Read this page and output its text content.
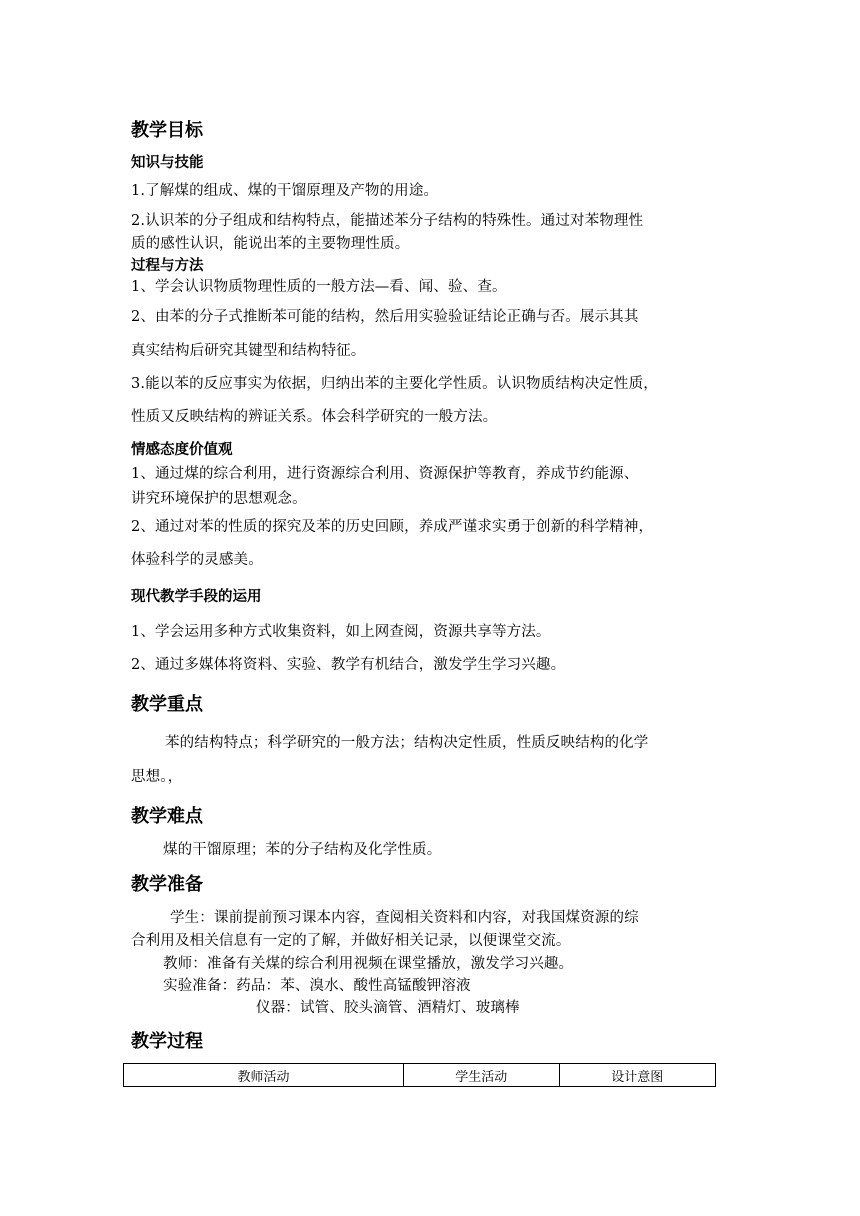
教学目标
知识与技能
1.了解煤的组成、煤的干馏原理及产物的用途。
2.认识苯的分子组成和结构特点，能描述苯分子结构的特殊性。通过对苯物理性
质的感性认识，能说出苯的主要物理性质。
过程与方法
1、学会认识物质物理性质的一般方法—看、闻、验、查。
2、由苯的分子式推断苯可能的结构，然后用实验验证结论正确与否。展示其其
真实结构后研究其键型和结构特征。
3.能以苯的反应事实为依据，归纳出苯的主要化学性质。认识物质结构决定性质，
性质又反映结构的辨证关系。体会科学研究的一般方法。
情感态度价值观
1、通过煤的综合利用，进行资源综合利用、资源保护等教育，养成节约能源、
讲究环境保护的思想观念。
2、通过对苯的性质的探究及苯的历史回顾，养成严谨求实勇于创新的科学精神，
体验科学的灵感美。
现代教学手段的运用
1、学会运用多种方式收集资料，如上网查阅，资源共享等方法。
2、通过多媒体将资料、实验、教学有机结合，激发学生学习兴趣。
教学重点
苯的结构特点；科学研究的一般方法；结构决定性质，性质反映结构的化学
思想。，
教学难点
煤的干馏原理；苯的分子结构及化学性质。
教学准备
学生：课前提前预习课本内容，查阅相关资料和内容，对我国煤资源的综
合利用及相关信息有一定的了解，并做好相关记录，以便课堂交流。
教师：准备有关煤的综合利用视频在课堂播放，激发学习兴趣。
实验准备：药品：苯、溴水、酸性高锰酸钾溶液
仪器：试管、胶头滴管、酒精灯、玻璃棒
教学过程
教师活动	学生活动	设计意图
